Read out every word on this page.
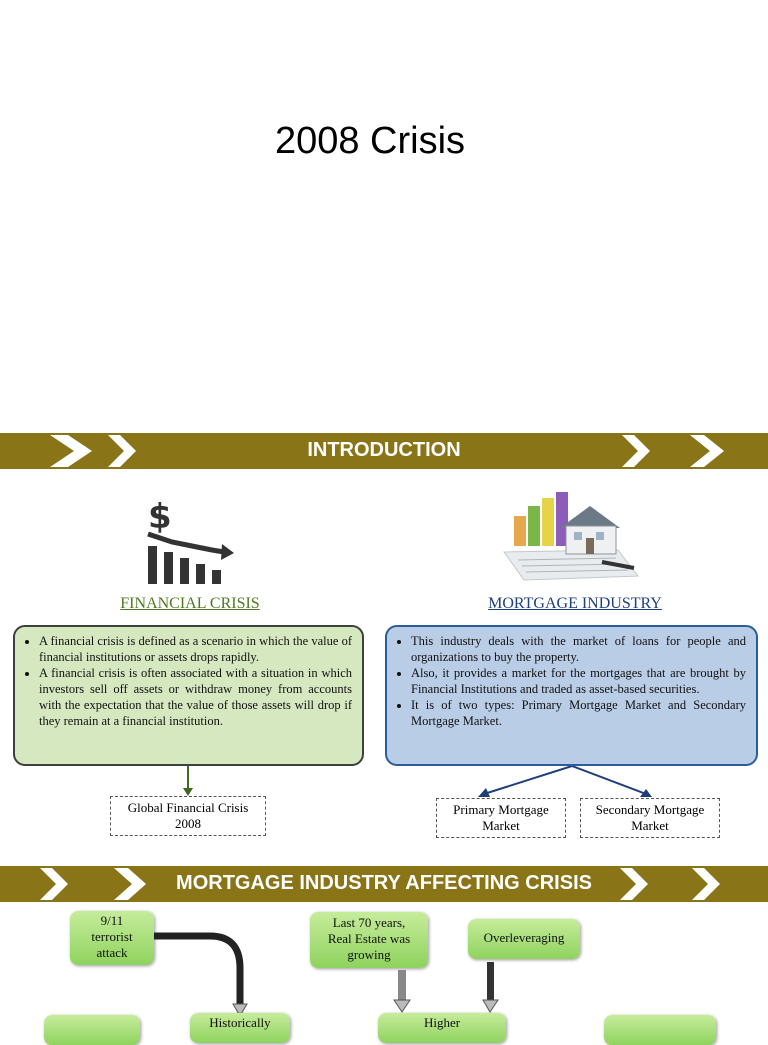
2008 Crisis
INTRODUCTION
$
FINANCIAL CRISIS	MORTGAGE INDUSTRY
• A financial crisis is defined as a scenario in which the value of financial institutions or assets drops rapidly.
• A financial crisis is often associated with a situation in which investors sell off assets or withdraw money from accounts with the expectation that the value of those assets will drop if they remain at a financial institution.
• This industry deals with the market of loans for people and organizations to buy the property.
• Also, it provides a market for the mortgages that are brought by Financial Institutions and traded as asset-based securities.
• It is of two types: Primary Mortgage Market and Secondary Mortgage Market.
Global Financial Crisis
2008
Primary Mortgage
Market
Secondary Mortgage
Market
MORTGAGE INDUSTRY AFFECTING CRISIS
9/11
terrorist
attack
Last 70 years,
Real Estate was
growing
Overleveraging
Historically	Higher
